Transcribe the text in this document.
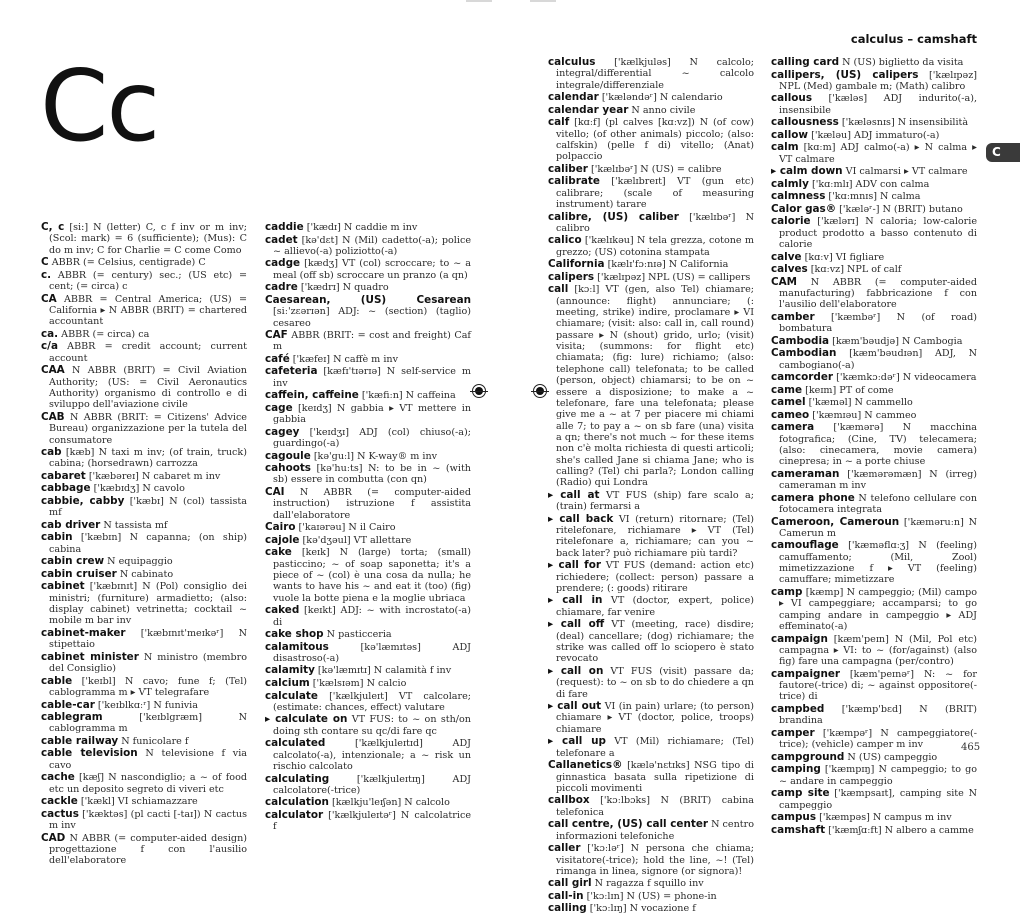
Cc
calculus – camshaft
C
465
C, c [si:] N (letter) C, c f inv or m inv; (Scol: mark) = 6 (sufficiente); (Mus): C do m inv; C for Charlie = C come Como
C ABBR (= Celsius, centigrade) C
c. ABBR (= century) sec.; (US etc) = cent; (= circa) c
CA ABBR = Central America; (US) = California ▸ N ABBR (BRIT) = chartered accountant
ca. ABBR (= circa) ca
c/a ABBR = credit account; current account
CAA N ABBR (BRIT) = Civil Aviation Authority; (US: = Civil Aeronautics Authority) organismo di controllo e di sviluppo dell'aviazione civile
CAB N ABBR (BRIT: = Citizens' Advice Bureau) organizzazione per la tutela del consumatore
cab [kæb] N taxi m inv; (of train, truck) cabina; (horsedrawn) carrozza
cabaret ['kæbəreɪ] N cabaret m inv
cabbage ['kæbɪdʒ] N cavolo
cabbie, cabby ['kæbɪ] N (col) tassista mf
cab driver N tassista mf
cabin ['kæbɪn] N capanna; (on ship) cabina
cabin crew N equipaggio
cabin cruiser N cabinato
cabinet ['kæbɪnɪt] N (Pol) consiglio dei ministri; (furniture) armadietto; (also: display cabinet) vetrinetta; cocktail ~ mobile m bar inv
cabinet-maker ['kæbɪnɪt'meɪkəʳ] N stipettaio
cabinet minister N ministro (membro del Consiglio)
cable ['keɪbl] N cavo; fune f; (Tel) cablogramma m ▸ VT telegrafare
cable-car ['keɪblkɑːʳ] N funivia
cablegram ['keɪblgræm] N cablogramma m
cable railway N funicolare f
cable television N televisione f via cavo
cache [kæʃ] N nascondiglio; a ~ of food etc un deposito segreto di viveri etc
cackle ['kækl] VI schiamazzare
cactus ['kæktəs] (pl cacti [-taɪ]) N cactus m inv
CAD N ABBR (= computer-aided design) progettazione f con l'ausilio dell'elaboratore
caddie ['kædɪ] N caddie m inv
cadet [kə'dɛt] N (Mil) cadetto(-a); police ~ allievo(-a) poliziotto(-a)
cadge [kædʒ] VT (col) scroccare; to ~ a meal (off sb) scroccare un pranzo (a qn)
cadre ['kædrɪ] N quadro
Caesarean, (US) Cesarean [siː'zɛərɪən] ADJ: ~ (section) (taglio) cesareo
CAF ABBR (BRIT: = cost and freight) Caf m
café ['kæfeɪ] N caffè m inv
cafeteria [kæfɪ'tɪərɪə] N self-service m inv
caffein, caffeine ['kæfiːn] N caffeina
cage [keɪdʒ] N gabbia ▸ VT mettere in gabbia
cagey ['keɪdʒɪ] ADJ (col) chiuso(-a); guardingo(-a)
cagoule [kə'guːl] N K-way® m inv
cahoots [kə'huːts] N: to be in ~ (with sb) essere in combutta (con qn)
CAI N ABBR (= computer-aided instruction) istruzione f assistita dall'elaboratore
Cairo ['kaɪərəu] N il Cairo
cajole [kə'dʒəul] VT allettare
cake [keɪk] N (large) torta; (small) pasticcino; ~ of soap saponetta; it's a piece of ~ (col) è una cosa da nulla; he wants to have his ~ and eat it (too) (fig) vuole la botte piena e la moglie ubriaca
caked [keɪkt] ADJ: ~ with incrostato(-a) di
cake shop N pasticceria
calamitous [kə'læmɪtəs] ADJ disastroso(-a)
calamity [kə'læmɪtɪ] N calamità f inv
calcium ['kælsɪəm] N calcio
calculate ['kælkjuleɪt] VT calcolare; (estimate: chances, effect) valutare
▸ calculate on VT FUS: to ~ on sth/on doing sth contare su qc/di fare qc
calculated ['kælkjuleɪtɪd] ADJ calcolato(-a), intenzionale; a ~ risk un rischio calcolato
calculating ['kælkjuleɪtɪŋ] ADJ calcolatore(-trice)
calculation [kælkju'leɪʃən] N calcolo
calculator ['kælkjuleɪtəʳ] N calcolatrice f
calculus ['kælkjuləs] N calcolo; integral/differential ~ calcolo integrale/differenziale
calendar ['kæləndəʳ] N calendario
calendar year N anno civile
calf [kɑːf] (pl calves [kɑːvz]) N (of cow) vitello; (of other animals) piccolo; (also: calfskin) (pelle f di) vitello; (Anat) polpaccio
caliber ['kælɪbəʳ] N (US) = calibre
calibrate ['kælɪbreɪt] VT (gun etc) calibrare; (scale of measuring instrument) tarare
calibre, (US) caliber ['kælɪbəʳ] N calibro
calico ['kælɪkəu] N tela grezza, cotone m grezzo; (US) cotonina stampata
California [kælɪ'fɔːnɪə] N California
calipers ['kælɪpəz] NPL (US) = callipers
call [kɔːl] VT (gen, also Tel) chiamare; (announce: flight) annunciare; (: meeting, strike) indire, proclamare ▸ VI chiamare; (visit: also: call in, call round) passare ▸ N (shout) grido, urlo; (visit) visita; (summons: for flight etc) chiamata; (fig: lure) richiamo; (also: telephone call) telefonata; to be called (person, object) chiamarsi; to be on ~ essere a disposizione; to make a ~ telefonare, fare una telefonata; please give me a ~ at 7 per piacere mi chiami alle 7; to pay a ~ on sb fare (una) visita a qn; there's not much ~ for these items non c'è molta richiesta di questi articoli; she's called Jane si chiama Jane; who is calling? (Tel) chi parla?; London calling (Radio) qui Londra
▸ call at VT FUS (ship) fare scalo a; (train) fermarsi a
▸ call back VI (return) ritornare; (Tel) ritelefonare, richiamare ▸ VT (Tel) ritelefonare a, richiamare; can you ~ back later? può richiamare più tardi?
▸ call for VT FUS (demand: action etc) richiedere; (collect: person) passare a prendere; (: goods) ritirare
▸ call in VT (doctor, expert, police) chiamare, far venire
▸ call off VT (meeting, race) disdire; (deal) cancellare; (dog) richiamare; the strike was called off lo sciopero è stato revocato
▸ call on VT FUS (visit) passare da; (request): to ~ on sb to do chiedere a qn di fare
▸ call out VI (in pain) urlare; (to person) chiamare ▸ VT (doctor, police, troops) chiamare
▸ call up VT (Mil) richiamare; (Tel) telefonare a
Callanetics® [kælə'nɛtɪks] NSG tipo di ginnastica basata sulla ripetizione di piccoli movimenti
callbox ['kɔːlbɔks] N (BRIT) cabina telefonica
call centre, (US) call center N centro informazioni telefoniche
caller ['kɔːləʳ] N persona che chiama; visitatore(-trice); hold the line, ~! (Tel) rimanga in linea, signore (or signora)!
call girl N ragazza f squillo inv
call-in ['kɔːlɪn] N (US) = phone-in
calling ['kɔːlɪŋ] N vocazione f
calling card N (US) biglietto da visita
callipers, (US) calipers ['kælɪpəz] NPL (Med) gambale m; (Math) calibro
callous ['kæləs] ADJ indurito(-a), insensibile
callousness ['kæləsnɪs] N insensibilità
callow ['kæləu] ADJ immaturo(-a)
calm [kɑːm] ADJ calmo(-a) ▸ N calma ▸ VT calmare
▸ calm down VI calmarsi ▸ VT calmare
calmly ['kɑːmlɪ] ADV con calma
calmness ['kɑːmnɪs] N calma
Calor gas® ['kæləʳ-] N (BRIT) butano
calorie ['kælərɪ] N caloria; low-calorie product prodotto a basso contenuto di calorie
calve [kɑːv] VI figliare
calves [kɑːvz] NPL of calf
CAM N ABBR (= computer-aided manufacturing) fabbricazione f con l'ausilio dell'elaboratore
camber ['kæmbəʳ] N (of road) bombatura
Cambodia [kæm'bəudjə] N Cambogia
Cambodian [kæm'bəudɪən] ADJ, N cambogiano(-a)
camcorder ['kæmkɔːdəʳ] N videocamera
came [keɪm] PT of come
camel ['kæməl] N cammello
cameo ['kæmɪəu] N cammeo
camera ['kæmərə] N macchina fotografica; (Cine, TV) telecamera; (also: cinecamera, movie camera) cinepresa; in ~ a porte chiuse
cameraman ['kæmərəmæn] N (irreg) cameraman m inv
camera phone N telefono cellulare con fotocamera integrata
Cameroon, Cameroun ['kæməruːn] N Camerun m
camouflage ['kæməflɑːʒ] N (feeling) camuffamento; (Mil, Zool) mimetizzazione f ▸ VT (feeling) camuffare; mimetizzare
camp [kæmp] N campeggio; (Mil) campo ▸ VI campeggiare; accamparsi; to go camping andare in campeggio ▸ ADJ effeminato(-a)
campaign [kæm'peɪn] N (Mil, Pol etc) campagna ▸ VI: to ~ (for/against) (also fig) fare una campagna (per/contro)
campaigner [kæm'peɪnəʳ] N: ~ for fautore(-trice) di; ~ against oppositore(-trice) di
campbed ['kæmp'bɛd] N (BRIT) brandina
camper ['kæmpəʳ] N campeggiatore(-trice); (vehicle) camper m inv
campground N (US) campeggio
camping ['kæmpɪŋ] N campeggio; to go ~ andare in campeggio
camp site ['kæmpsaɪt], camping site N campeggio
campus ['kæmpəs] N campus m inv
camshaft ['kæmʃɑːft] N albero a camme
